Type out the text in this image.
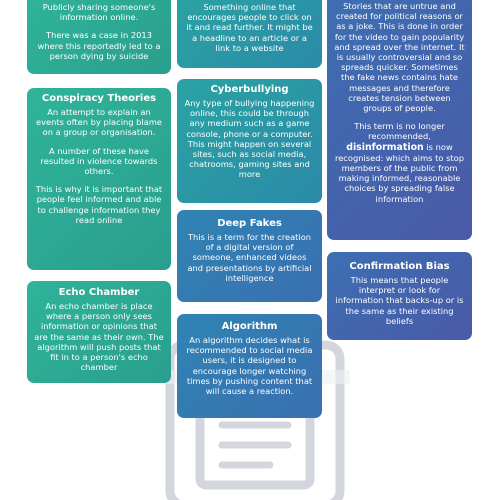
Publicly sharing someone's information online.

There was a case in 2013 where this reportedly led to a person dying by suicide

Something online that encourages people to click on it and read further. It might be a headline to an article or a link to a website

Stories that are untrue and created for political reasons or as a joke. This is done in order for the video to gain popularity and spread over the internet. It is usually controversial and so spreads quicker. Sometimes the fake news contains hate messages and therefore creates tension between groups of people.

This term is no longer recommended, disinformation is now recognised: which aims to stop members of the public from making informed, reasonable choices by spreading false information

Conspiracy Theories

An attempt to explain an events often by placing blame on a group or organisation.

A number of these have resulted in violence towards others.

This is why it is important that people feel informed and able to challenge information they read online

Cyberbullying

Any type of bullying happening online, this could be through any medium such as a game console, phone or a computer. This might happen on several sites, such as social media, chatrooms, gaming sites and more

Deep Fakes

This is a term for the creation of a digital version of someone, enhanced videos and presentations by artificial intelligence

Confirmation Bias

This means that people interpret or look for information that backs-up or is the same as their existing beliefs

Echo Chamber

An echo chamber is place where a person only sees information or opinions that are the same as their own. The algorithm will push posts that fit in to a person's echo chamber

Algorithm

An algorithm decides what is recommended to social media users, it is designed to encourage longer watching times by pushing content that will cause a reaction.
